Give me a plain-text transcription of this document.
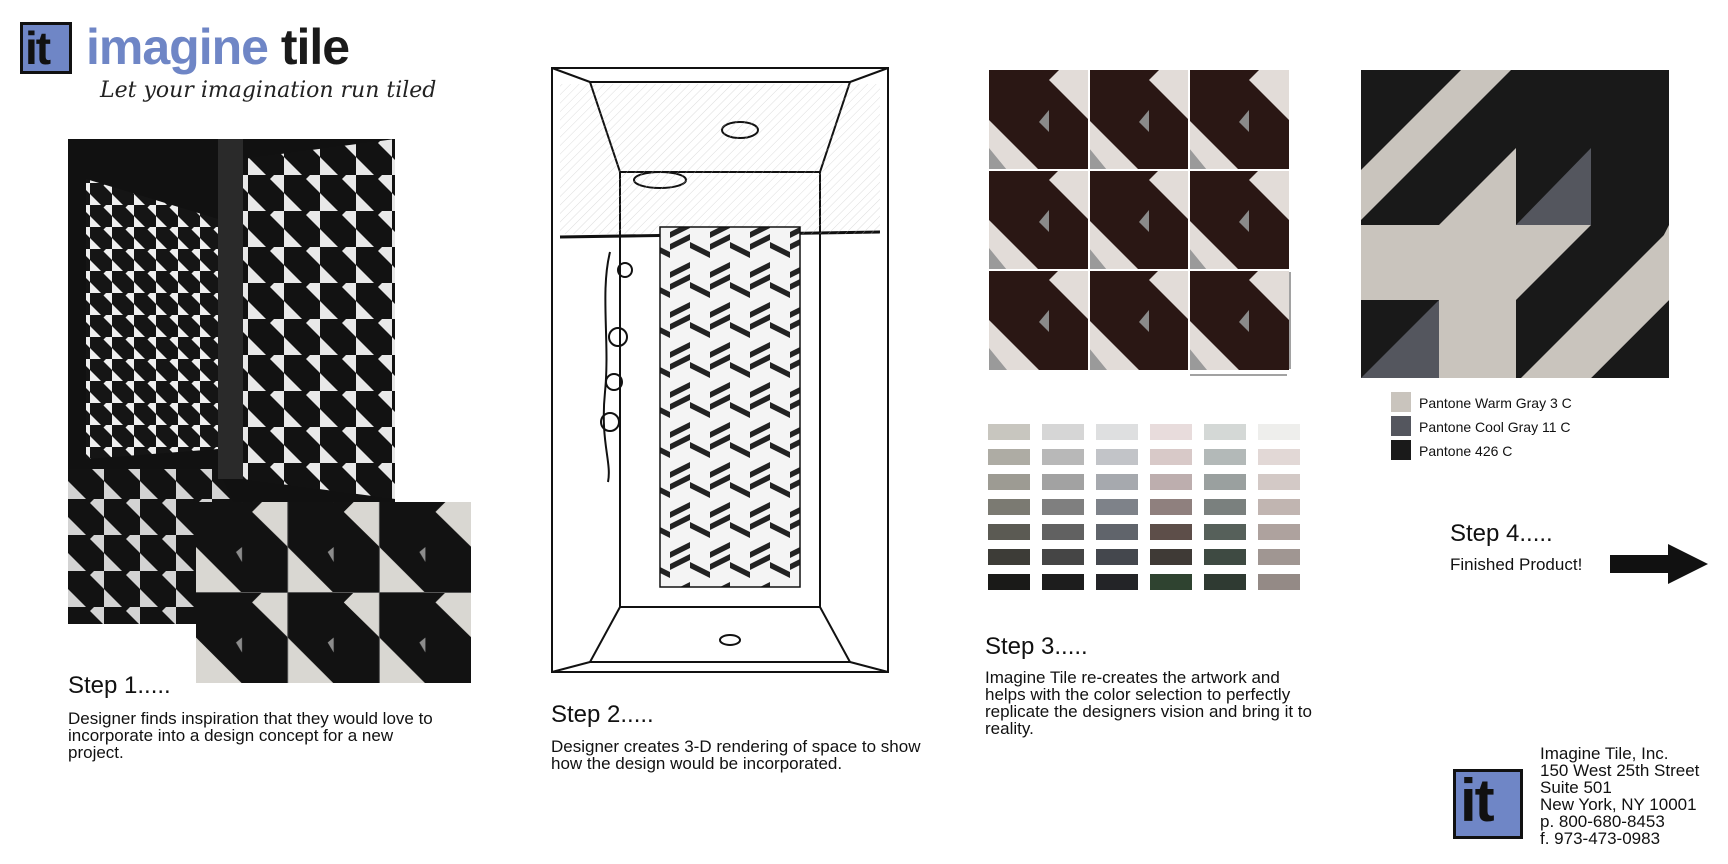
it imagine tile
Let your imagination run tiled
Step 1.....
Designer finds inspiration that they would love to incorporate into a design concept for a new project.
Step 2.....
Designer creates 3-D rendering of space to show how the design would be incorporated.
Step 3.....
Imagine Tile re-creates the artwork and helps with the color selection to perfectly replicate the designers vision and bring it to reality.
Pantone Warm Gray 3 C
Pantone Cool Gray 11 C
Pantone 426 C
Step 4.....
Finished Product!
it
Imagine Tile, Inc.
150 West 25th Street
Suite 501
New York, NY 10001
p. 800-680-8453
f. 973-473-0983
